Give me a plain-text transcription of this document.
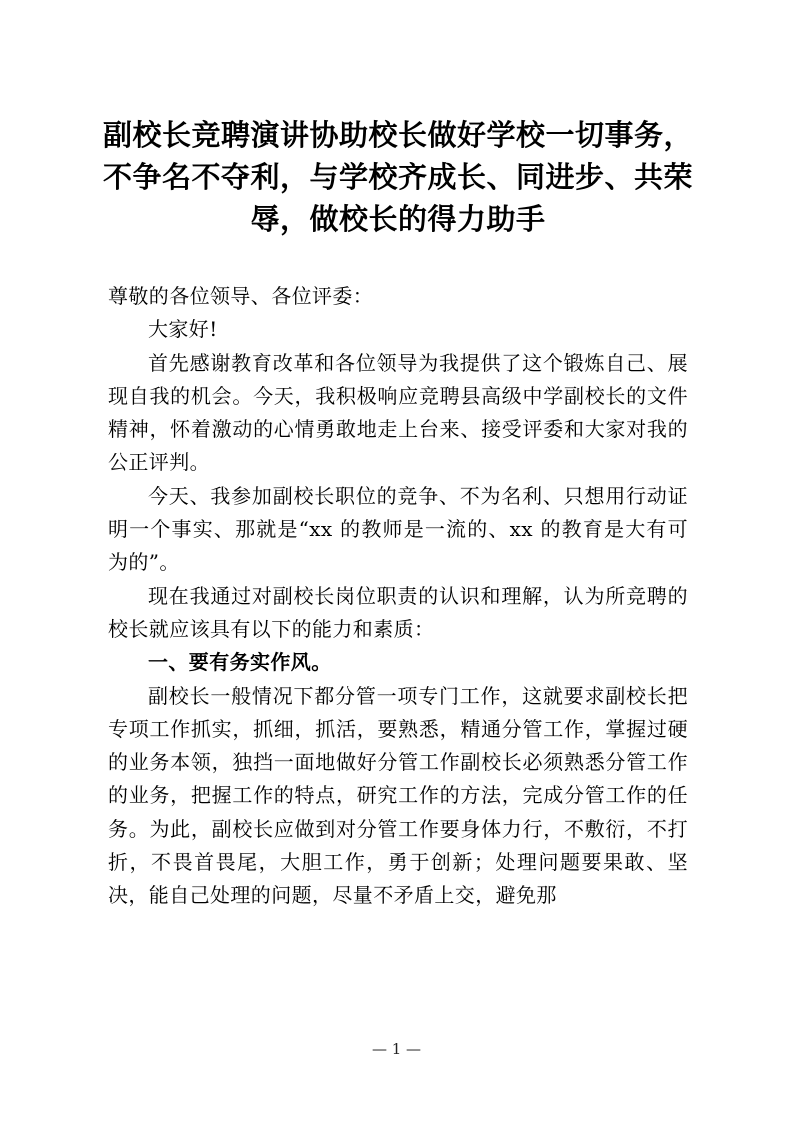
副校长竞聘演讲协助校长做好学校一切事务，不争名不夺利，与学校齐成长、同进步、共荣辱，做校长的得力助手

尊敬的各位领导、各位评委：

大家好!

首先感谢教育改革和各位领导为我提供了这个锻炼自己、展现自我的机会。今天，我积极响应竞聘县高级中学副校长的文件精神，怀着激动的心情勇敢地走上台来、接受评委和大家对我的公正评判。

今天、我参加副校长职位的竞争、不为名利、只想用行动证明一个事实、那就是“xx 的教师是一流的、xx 的教育是大有可为的”。

现在我通过对副校长岗位职责的认识和理解，认为所竞聘的校长就应该具有以下的能力和素质：

一、要有务实作风。

副校长一般情况下都分管一项专门工作，这就要求副校长把专项工作抓实，抓细，抓活，要熟悉，精通分管工作，掌握过硬的业务本领，独挡一面地做好分管工作副校长必须熟悉分管工作的业务，把握工作的特点，研究工作的方法，完成分管工作的任务。为此，副校长应做到对分管工作要身体力行，不敷衍，不打折，不畏首畏尾，大胆工作，勇于创新；处理问题要果敢、坚决，能自己处理的问题，尽量不矛盾上交，避免那

— 1 —
